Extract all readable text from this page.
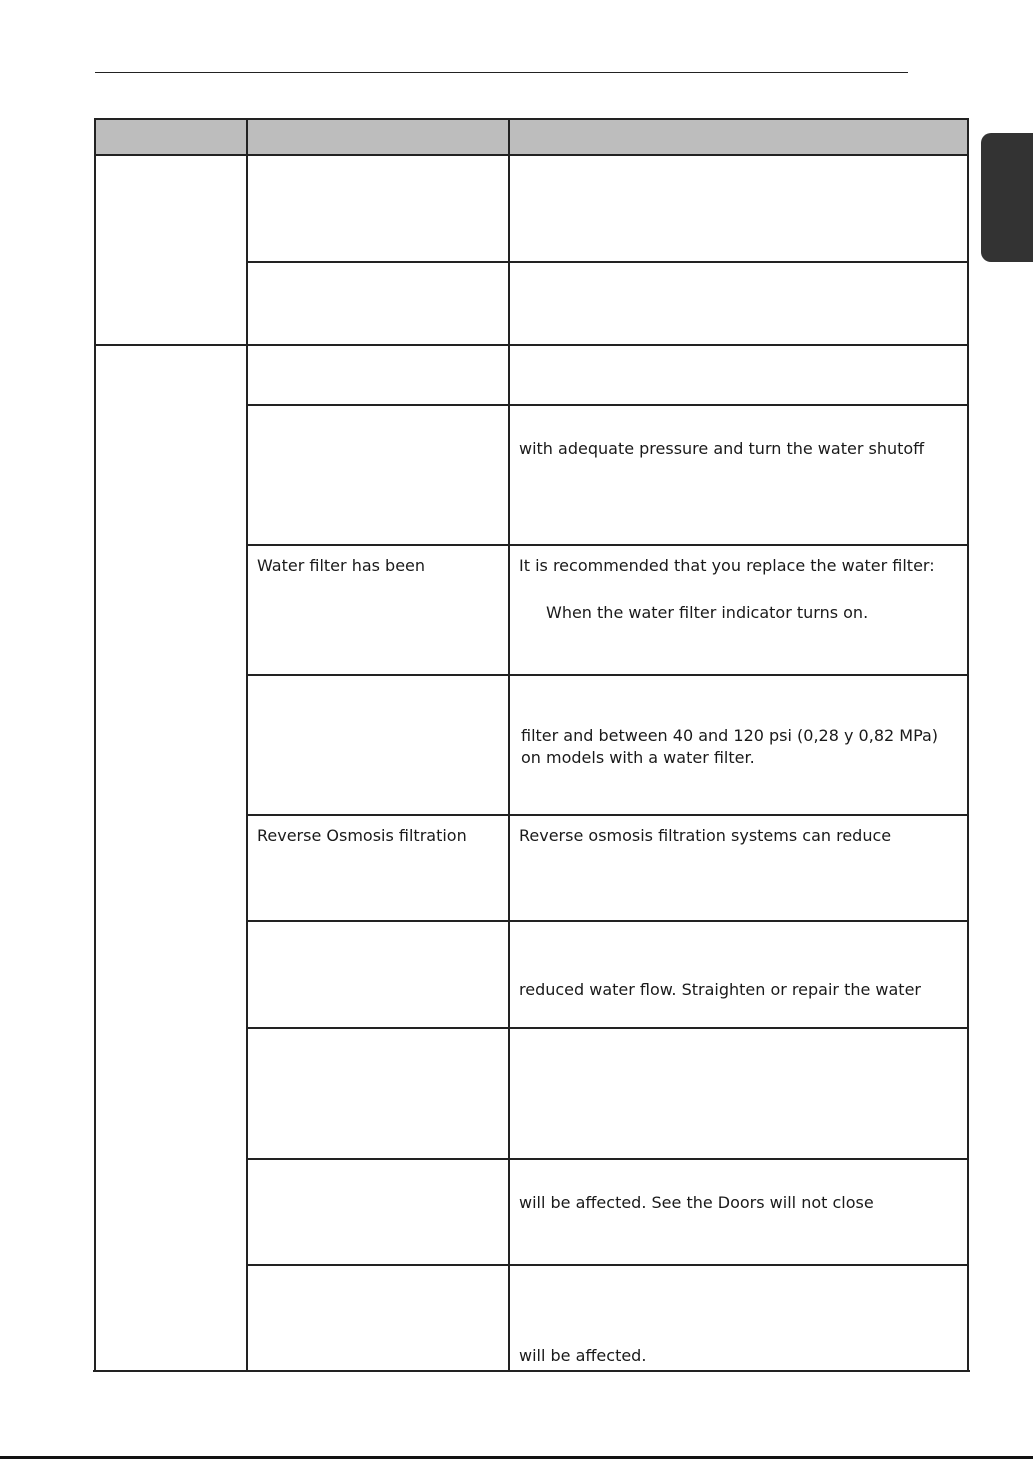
with adequate pressure and turn the water shutoff
Water filter has been	It is recommended that you replace the water filter:
When the water filter indicator turns on.
filter and between 40 and 120 psi (0,28 y 0,82 MPa)
on models with a water filter.
Reverse Osmosis filtration	Reverse osmosis filtration systems can reduce
reduced water flow. Straighten or repair the water
will be affected. See the Doors will not close
will be affected.
